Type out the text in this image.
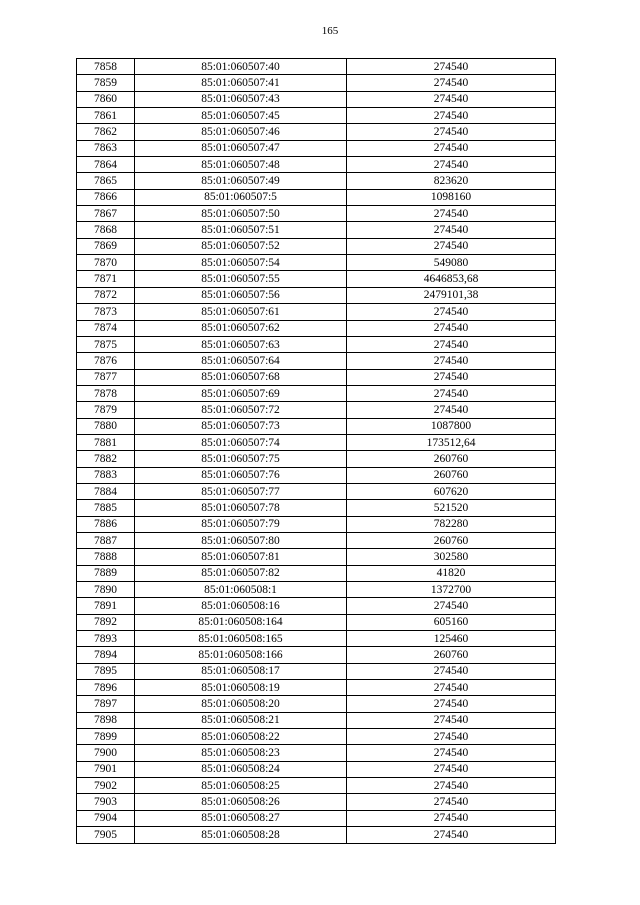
165
7858	85:01:060507:40	274540
7859	85:01:060507:41	274540
7860	85:01:060507:43	274540
7861	85:01:060507:45	274540
7862	85:01:060507:46	274540
7863	85:01:060507:47	274540
7864	85:01:060507:48	274540
7865	85:01:060507:49	823620
7866	85:01:060507:5	1098160
7867	85:01:060507:50	274540
7868	85:01:060507:51	274540
7869	85:01:060507:52	274540
7870	85:01:060507:54	549080
7871	85:01:060507:55	4646853,68
7872	85:01:060507:56	2479101,38
7873	85:01:060507:61	274540
7874	85:01:060507:62	274540
7875	85:01:060507:63	274540
7876	85:01:060507:64	274540
7877	85:01:060507:68	274540
7878	85:01:060507:69	274540
7879	85:01:060507:72	274540
7880	85:01:060507:73	1087800
7881	85:01:060507:74	173512,64
7882	85:01:060507:75	260760
7883	85:01:060507:76	260760
7884	85:01:060507:77	607620
7885	85:01:060507:78	521520
7886	85:01:060507:79	782280
7887	85:01:060507:80	260760
7888	85:01:060507:81	302580
7889	85:01:060507:82	41820
7890	85:01:060508:1	1372700
7891	85:01:060508:16	274540
7892	85:01:060508:164	605160
7893	85:01:060508:165	125460
7894	85:01:060508:166	260760
7895	85:01:060508:17	274540
7896	85:01:060508:19	274540
7897	85:01:060508:20	274540
7898	85:01:060508:21	274540
7899	85:01:060508:22	274540
7900	85:01:060508:23	274540
7901	85:01:060508:24	274540
7902	85:01:060508:25	274540
7903	85:01:060508:26	274540
7904	85:01:060508:27	274540
7905	85:01:060508:28	274540
